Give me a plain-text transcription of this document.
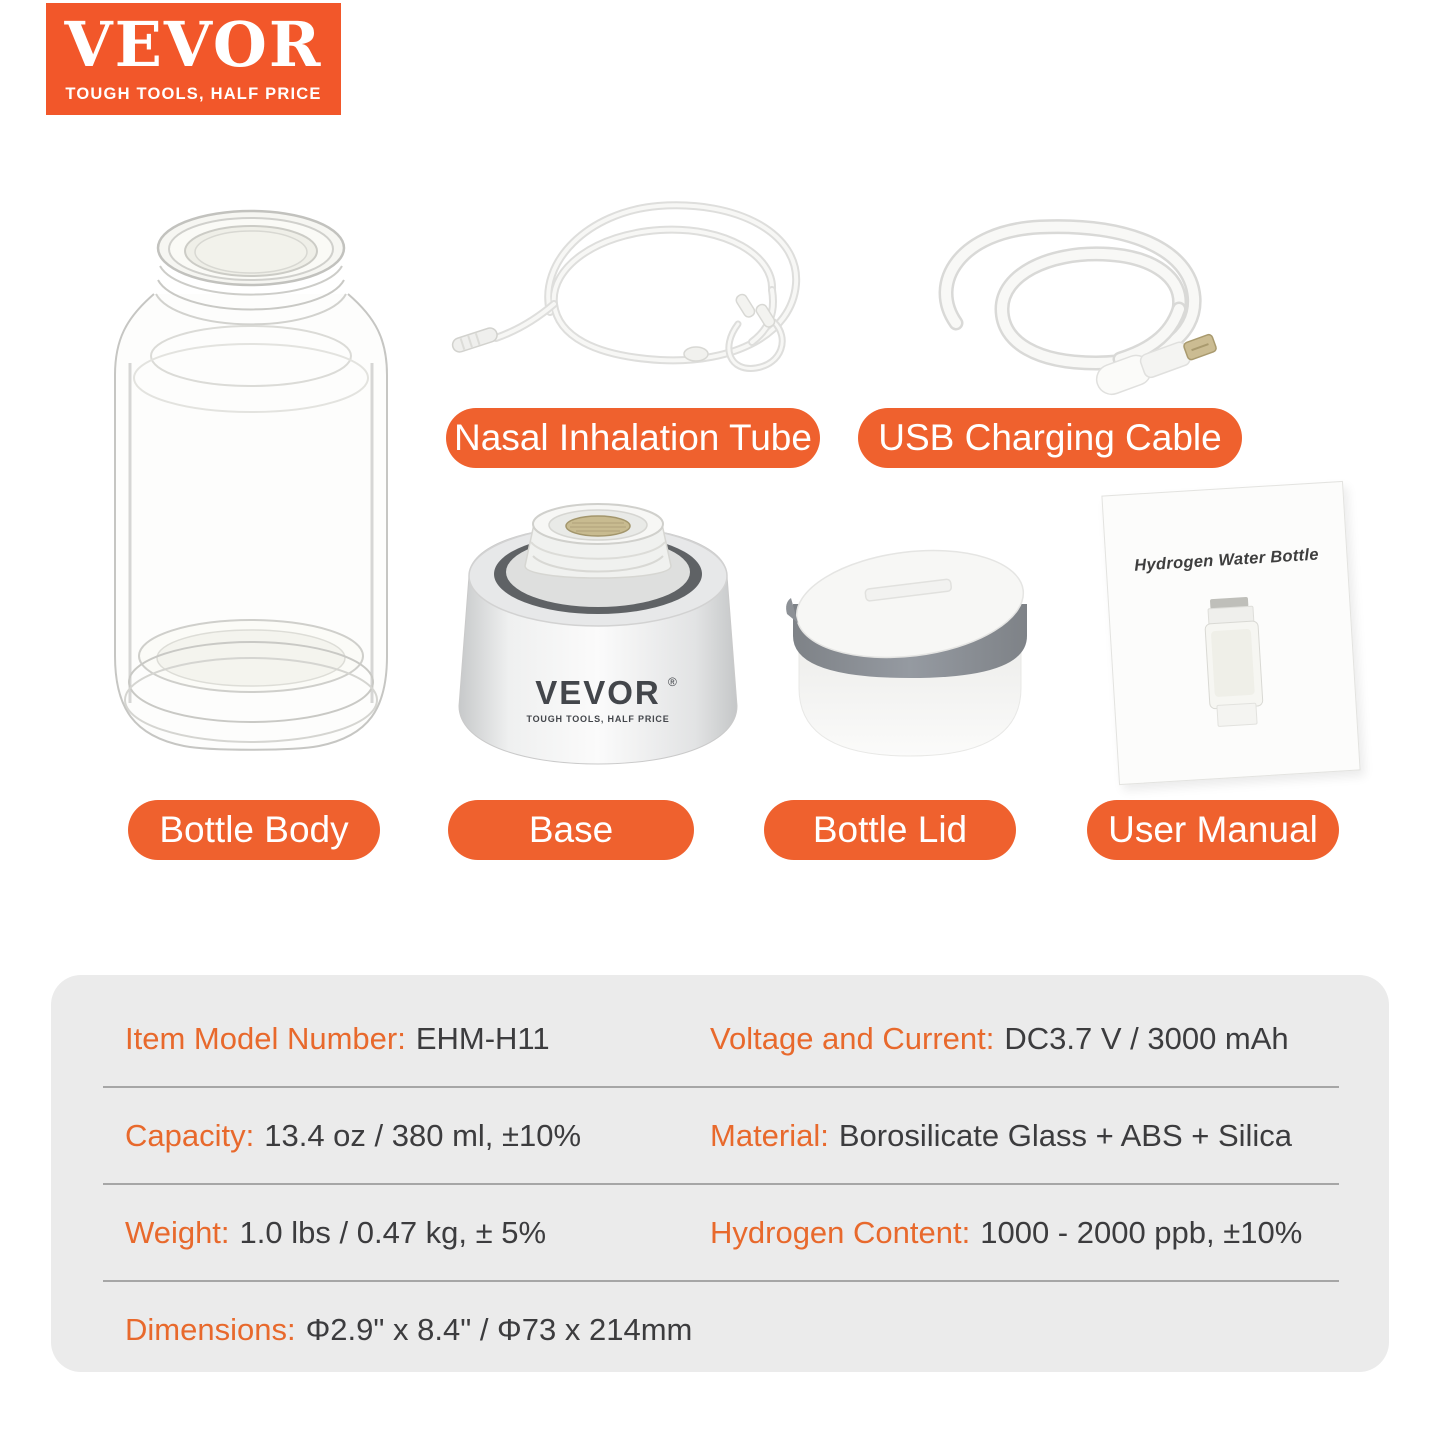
VEVOR
TOUGH TOOLS, HALF PRICE
VEVOR ®
TOUGH TOOLS, HALF PRICE
Hydrogen Water Bottle
Nasal Inhalation Tube	USB Charging Cable
Bottle Body	Base	Bottle Lid	User Manual
Item Model Number: EHM-H11	Voltage and Current: DC3.7 V / 3000 mAh
Capacity: 13.4 oz / 380 ml, ±10%	Material: Borosilicate Glass + ABS + Silica
Weight: 1.0 lbs / 0.47 kg, ± 5%	Hydrogen Content: 1000 - 2000 ppb, ±10%
Dimensions: Φ2.9" x 8.4" / Φ73 x 214mm
